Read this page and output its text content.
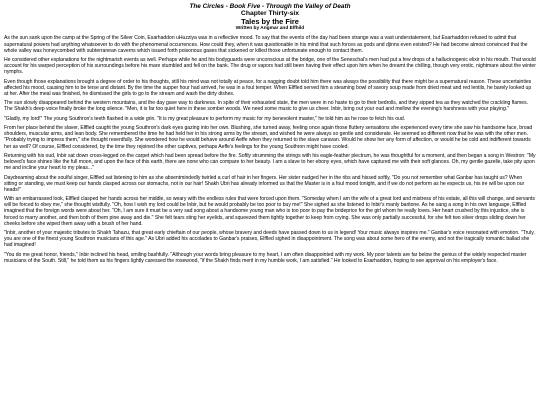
The Circles - Book Five - Through the Valley of Death
Chapter Thirty-six
Tales by the Fire
Written by Angmar and Elfhild

As the sun sank upon the camp at the Spring of the Silver Coin, Esarhaddon uHuzziya was in a reflective mood. To say that the events of the day had been strange was a vast understatement, but Esarhaddon refused to admit that supernatural powers had anything whatsoever to do with the phenomenal occurrences. How could they, when it was questionable in his mind that such forces as gods and djinns even existed? He had become almost convinced that the whole valley was honeycombed with subterranean caverns which issued forth poisonous gases that sickened or killed those unfortunate enough to contact them.

He considered other explanations for the nightmarish events as well. Perhaps while he and his bodyguards were unconscious at the bridge, one of the Seneschal's men had put a few drops of a hallucinogenic elixir in his mouth. That would account for his warped perception of his surroundings before his mare stumbled and fell on the bank. The drug or vapors had still been having their effect upon him when he dreamt the chilling, though very erotic, nightmare about the winter nymphs.

Even though those explanations brought a degree of order to his thoughts, still his mind was not totally at peace, for a nagging doubt told him there was always the possibility that there might be a supernatural reason. These uncertainties affected his mood, causing him to be terse and distant. By the time the supper hour had arrived, he was in a foul temper. When Elffled served him a steaming bowl of savory soup made from dried meat and red lentils, he barely looked up at her. After the meal was finished, he dismissed the girls to go to the stream and wash the dirty dishes.

The sun slowly disappeared behind the western mountains, and the day gave way to darkness. In spite of their exhausted state, the men were in no haste to go to their bedrolls, and they sipped tea as they watched the crackling flames. The Shakh's deep voice finally broke the long silence. "Men, it is far too quiet here in these somber woods. We need some music to give us cheer. Inbir, bring out your oud and mellow the evening's harshness with your playing."

"Gladly, my lord!" The young Southron's teeth flashed in a wide grin. "It is my great pleasure to perform my music for my benevolent master," he told him as he rose to fetch his oud.

From her place behind the slaver, Elffled caught the young Southron's dark eyes gazing into her own. Blushing, she turned away, feeling once again those fluttery sensations she experienced every time she saw his handsome face, broad shoulders, muscular arms, and lean body. She remembered the time he had held her in his strong arms by the stream, and wished he were always so gentle and considerate. He seemed so different now that he was with the other men. "Probably trying to impress them," she thought resentfully. She wondered how he would behave around Aeffe when they returned to the slave caravan. Would he show her any form of affection, or would he be cold and indifferent towards her as well? Of course, Elffled considered, by the time they rejoined the other captives, perhaps Aeffe's feelings for the young Southron might have cooled.

Returning with his oud, Inbir sat down cross-legged on the carpet which had been spread before the fire. Softly strumming the strings with his eagle-feather plectrum, he was thoughtful for a moment, and then began a song in Westron: "My beloved's face shines like the full moon, and upon the face of this earth, there are none who can compare to her beauty. I am a slave to her ebony eyes, which have captured me with their soft glances. Oh, my gentle gazelle, take pity upon me and incline your heart to my pleas..."

Daydreaming about the soulful singer, Elffled sat listening to him as she absentmindedly twirled a curl of hair in her fingers. Her sister nudged her in the ribs and hissed softly, "Do you not remember what Ganbar has taught us? When sitting or standing, we must keep our hands clasped across our stomachs, not in our hair! Shakh Ubri has already informed us that the Master is in a foul mood tonight, and if we do not perform as he expects us, his ire will be upon our heads!"

With an embarrassed look, Elffled clasped her hands across her middle, so weary with the endless rules that were forced upon them. "Someday when I am the wife of a great lord and mistress of his estate, all this will change, and servants will be forced to obey me," she thought wistfully. "Oh, how I wish my lord could be Inbir, but he would probably be too poor to buy me!" She sighed as she listened to Inbir's manly baritone. As he sang a song in his own language, Elffled imagined that the foreign words were about her. "Oh, I am sure it must be a very sad song about a handsome young man who is too poor to pay the brideprice for the girl whom he really loves. Her heart crushed by this injustice, she is forced to marry another, and then both of them pine away and die." She felt tears sting her eyelids, and squeezed them tightly together to keep from crying. She was only partially successful, for she felt two silver drops sliding down her cheeks before she wiped them away with a brush of her hand.

"Inbir, another of your majestic tributes to Shakh Tahazu, that great early chieftain of our people, whose bravery and deeds have passed down to us in legend! Your music always inspires me." Ganbar's voice resonated with emotion. "Truly, you are one of the finest young Southron musicians of this age." As Ubri added his accolades to Ganbar's praises, Elffled sighed in disappointment. The song was about some hero of the enemy, and not the tragically romantic ballad she had imagined!

"You do me great honor, friends," Inbir inclined his head, smiling bashfully. "Although your words bring pleasure to my heart, I am often disappointed with my work. My poor talents are far below the genius of the widely respected master musicians of the South. Still," he told them as his fingers lightly caressed the rosewood, "if the Shakh finds merit in my humble work, I am satisfied." He looked to Esarhaddon, hoping to see approval on his employer's face.
